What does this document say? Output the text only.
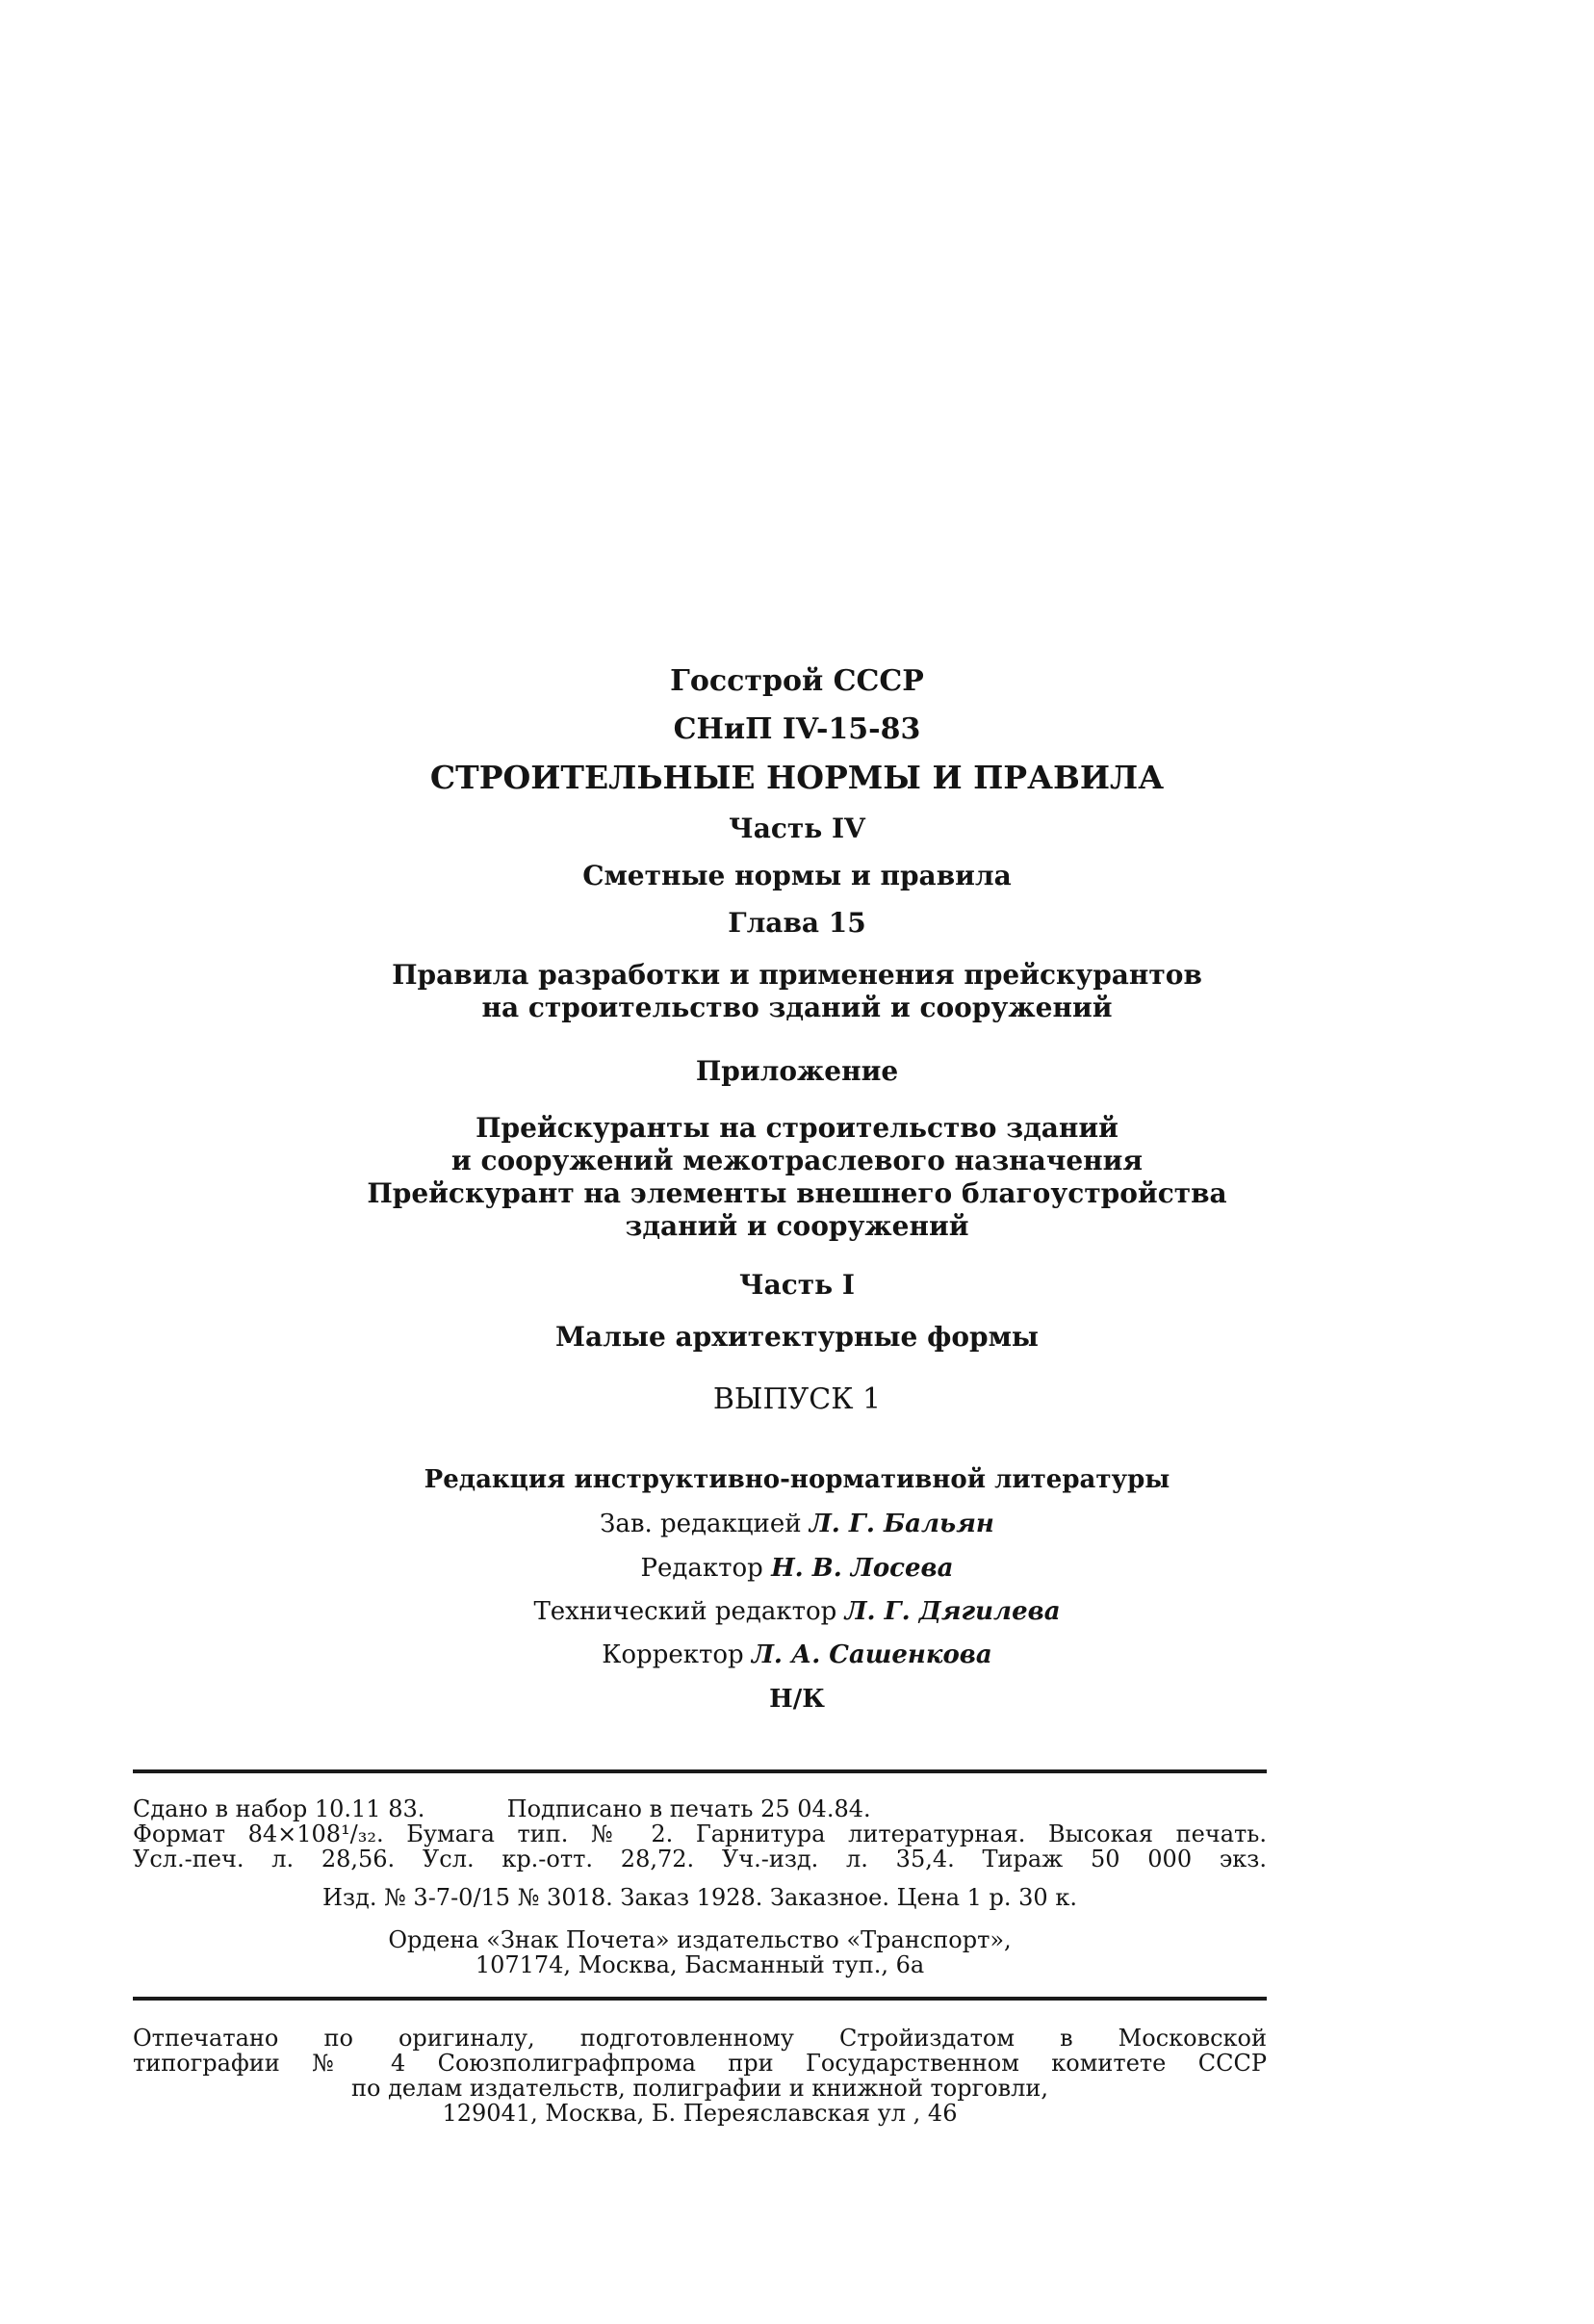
Госстрой СССР
СНиП IV-15-83
СТРОИТЕЛЬНЫЕ НОРМЫ И ПРАВИЛА
Часть IV
Сметные нормы и правила
Глава 15
Правила разработки и применения прейскурантов
на строительство зданий и сооружений
Приложение
Прейскуранты на строительство зданий
и сооружений межотраслевого назначения
Прейскурант на элементы внешнего благоустройства
зданий и сооружений
Часть I
Малые архитектурные формы
ВЫПУСК 1
Редакция инструктивно-нормативной литературы
Зав. редакцией Л. Г. Бальян
Редактор Н. В. Лосева
Технический редактор Л. Г. Дягилева
Корректор Л. А. Сашенкова
Н/К
Сдано в набор 10.11 83.	Подписано в печать 25 04.84.
Формат 84×108¹/₃₂. Бумага тип. № 2. Гарнитура литературная. Высокая печать.
Усл.-печ. л. 28,56. Усл. кр.-отт. 28,72. Уч.-изд. л. 35,4. Тираж 50 000 экз.
Изд. № 3-7-0/15 № 3018. Заказ 1928. Заказное. Цена 1 р. 30 к.
Ордена «Знак Почета» издательство «Транспорт»,
107174, Москва, Басманный туп., 6а
Отпечатано по оригиналу, подготовленному Стройиздатом в Московской
типографии № 4 Союзполиграфпрома при Государственном комитете СССР
по делам издательств, полиграфии и книжной торговли,
129041, Москва, Б. Переяславская ул , 46
